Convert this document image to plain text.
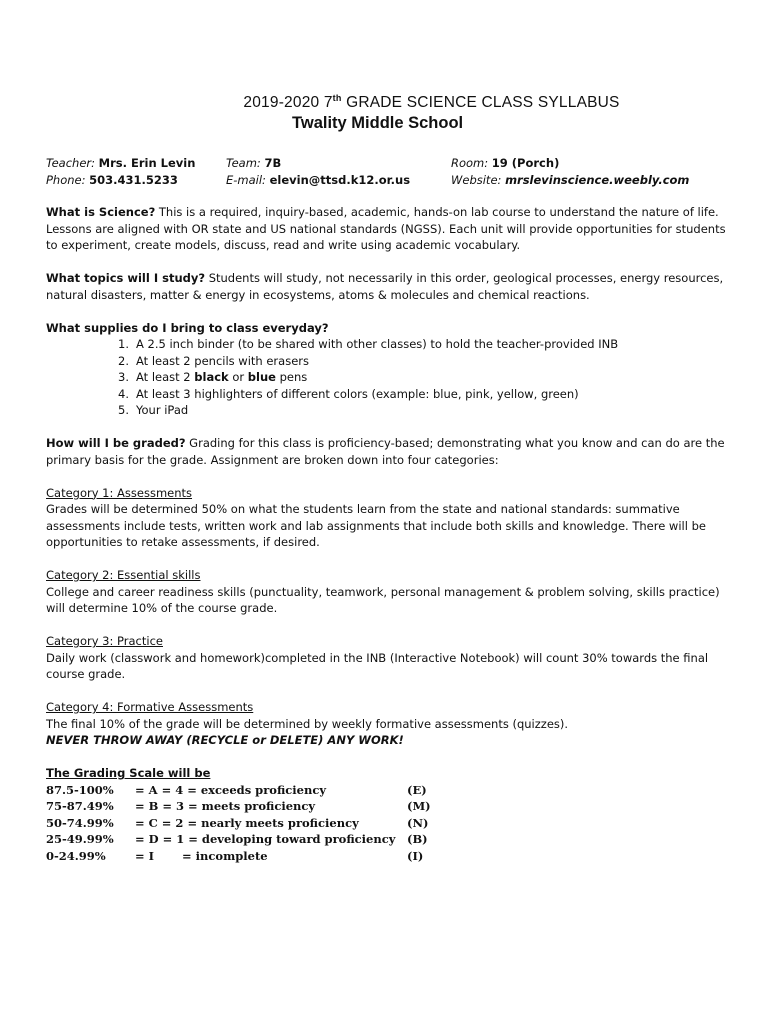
2019-2020 7th GRADE SCIENCE CLASS SYLLABUS
Twality Middle School
Teacher: Mrs. Erin Levin	Team: 7B	Room: 19 (Porch)
Phone: 503.431.5233	E-mail: elevin@ttsd.k12.or.us	Website: mrslevinscience.weebly.com

What is Science? This is a required, inquiry-based, academic, hands-on lab course to understand the nature of life. Lessons are aligned with OR state and US national standards (NGSS). Each unit will provide opportunities for students to experiment, create models, discuss, read and write using academic vocabulary.

What topics will I study? Students will study, not necessarily in this order, geological processes, energy resources, natural disasters, matter & energy in ecosystems, atoms & molecules and chemical reactions.

What supplies do I bring to class everyday?
1. A 2.5 inch binder (to be shared with other classes) to hold the teacher-provided INB
2. At least 2 pencils with erasers
3. At least 2 black or blue pens
4. At least 3 highlighters of different colors (example: blue, pink, yellow, green)
5. Your iPad

How will I be graded? Grading for this class is proficiency-based; demonstrating what you know and can do are the primary basis for the grade. Assignment are broken down into four categories:

Category 1: Assessments

Grades will be determined 50% on what the students learn from the state and national standards: summative assessments include tests, written work and lab assignments that include both skills and knowledge. There will be opportunities to retake assessments, if desired.

Category 2: Essential skills

College and career readiness skills (punctuality, teamwork, personal management & problem solving, skills practice) will determine 10% of the course grade.

Category 3: Practice

Daily work (classwork and homework)completed in the INB (Interactive Notebook) will count 30% towards the final course grade.

Category 4: Formative Assessments
The final 10% of the grade will be determined by weekly formative assessments (quizzes).
NEVER THROW AWAY (RECYCLE or DELETE) ANY WORK!
The Grading Scale will be
87.5-100% = A = 4 = exceeds proficiency	(E)
75-87.49% = B = 3 = meets proficiency	(M)
50-74.99% = C = 2 = nearly meets proficiency	(N)
25-49.99% = D = 1 = developing toward proficiency (B)
0-24.99%	= I       = incomplete	(I)
